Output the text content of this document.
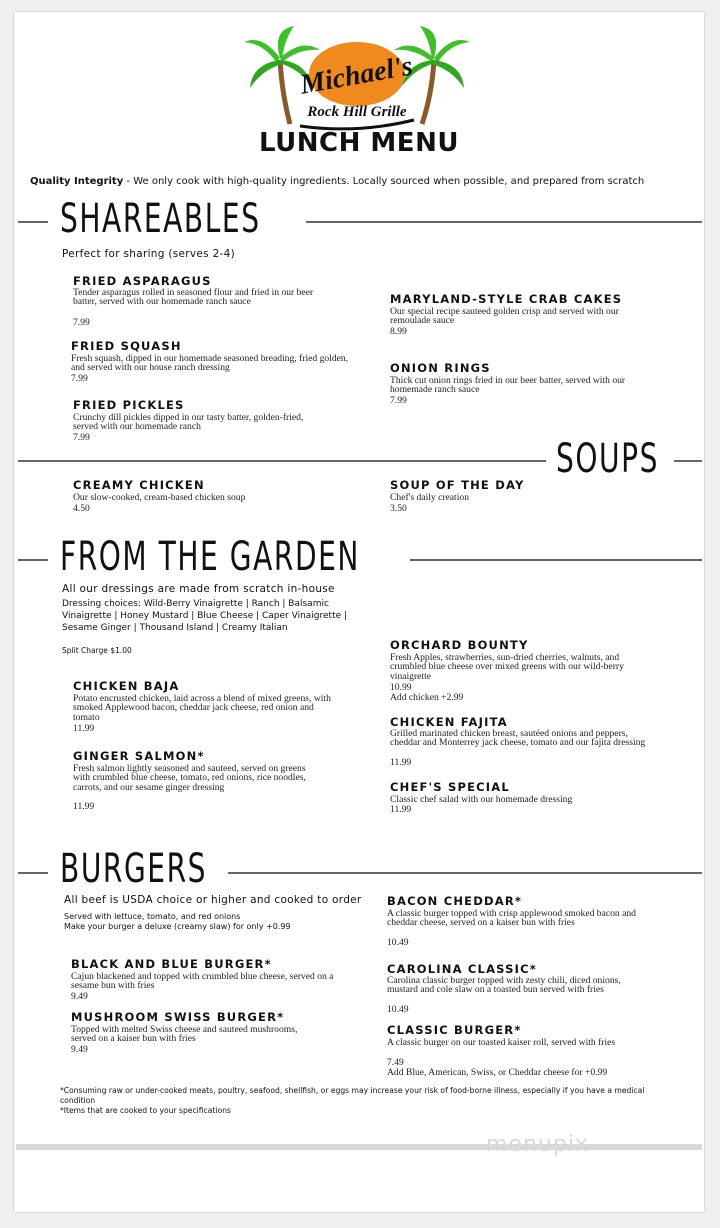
Michael's
Rock Hill Grille
LUNCH MENU
Quality Integrity - We only cook with high-quality ingredients. Locally sourced when possible, and prepared from scratch
SHAREABLES
Perfect for sharing (serves 2-4)
FRIED ASPARAGUS
Tender asparagus rolled in seasoned flour and fried in our beer batter, served with our homemade ranch sauce
7.99
FRIED SQUASH
Fresh squash, dipped in our homemade seasoned breading, fried golden, and served with our house ranch dressing
7.99
FRIED PICKLES
Crunchy dill pickles dipped in our tasty batter, golden-fried, served with our homemade ranch
7.99
MARYLAND-STYLE CRAB CAKES
Our special recipe sauteed golden crisp and served with our remoulade sauce
8.99
ONION RINGS
Thick cut onion rings fried in our beer batter, served with our homemade ranch sauce
7.99
SOUPS
CREAMY CHICKEN
Our slow-cooked, cream-based chicken soup
4.50
SOUP OF THE DAY
Chef's daily creation
3.50
FROM THE GARDEN
All our dressings are made from scratch in-house
Dressing choices: Wild-Berry Vinaigrette | Ranch | Balsamic Vinaigrette | Honey Mustard | Blue Cheese | Caper Vinaigrette | Sesame Ginger | Thousand Island | Creamy Italian
Split Charge $1.00
CHICKEN BAJA
Potato encrusted chicken, laid across a blend of mixed greens, with smoked Applewood bacon, cheddar jack cheese, red onion and tomato
11.99
GINGER SALMON*
Fresh salmon lightly seasoned and sauteed, served on greens with crumbled blue cheese, tomato, red onions, rice noodles, carrots, and our sesame ginger dressing
11.99
ORCHARD BOUNTY
Fresh Apples, strawberries, sun-dried cherries, walnuts, and crumbled blue cheese over mixed greens with our wild-berry vinaigrette
10.99
Add chicken +2.99
CHICKEN FAJITA
Grilled marinated chicken breast, sautéed onions and peppers, cheddar and Monterrey jack cheese, tomato and our fajita dressing
11.99
CHEF'S SPECIAL
Classic chef salad with our homemade dressing
11.99
BURGERS
All beef is USDA choice or higher and cooked to order
Served with lettuce, tomato, and red onions
Make your burger a deluxe (creamy slaw) for only +0.99
BLACK AND BLUE BURGER*
Cajun blackened and topped with crumbled blue cheese, served on a sesame bun with fries
9.49
MUSHROOM SWISS BURGER*
Topped with melted Swiss cheese and sauteed mushrooms, served on a kaiser bun with fries
9.49
BACON CHEDDAR*
A classic burger topped with crisp applewood smoked bacon and cheddar cheese, served on a kaiser bun with fries
10.49
CAROLINA CLASSIC*
Carolina classic burger topped with zesty chili, diced onions, mustard and cole slaw on a toasted bun served with fries
10.49
CLASSIC BURGER*
A classic burger on our toasted kaiser roll, served with fries
7.49
Add Blue, American, Swiss, or Cheddar cheese for +0.99
*Consuming raw or under-cooked meats, poultry, seafood, shellfish, or eggs may increase your risk of food-borne illness, especially if you have a medical condition
*Items that are cooked to your specifications
menupix
